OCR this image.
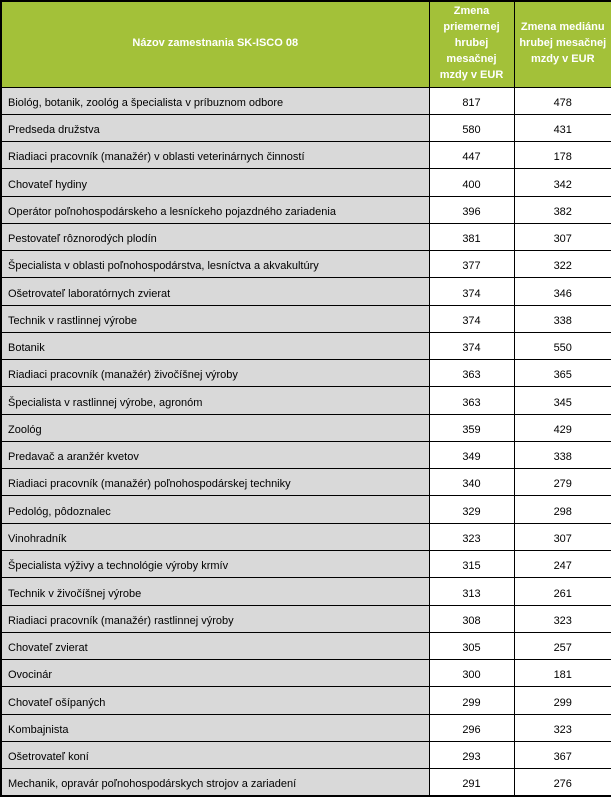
Názov zamestnania SK-ISCO 08	Zmena priemernej hrubej mesačnej mzdy v EUR	Zmena mediánu hrubej mesačnej mzdy v EUR
Biológ, botanik, zoológ a špecialista v príbuznom odbore	817	478
Predseda družstva	580	431
Riadiaci pracovník (manažér) v oblasti veterinárnych činností	447	178
Chovateľ hydiny	400	342
Operátor poľnohospodárskeho a lesníckeho pojazdného zariadenia	396	382
Pestovateľ rôznorodých plodín	381	307
Špecialista v oblasti poľnohospodárstva, lesníctva a akvakultúry	377	322
Ošetrovateľ laboratórnych zvierat	374	346
Technik v rastlinnej výrobe	374	338
Botanik	374	550
Riadiaci pracovník (manažér) živočíšnej výroby	363	365
Špecialista v rastlinnej výrobe, agronóm	363	345
Zoológ	359	429
Predavač a aranžér kvetov	349	338
Riadiaci pracovník (manažér) poľnohospodárskej techniky	340	279
Pedológ, pôdoznalec	329	298
Vinohradník	323	307
Špecialista výživy a technológie výroby krmív	315	247
Technik v živočíšnej výrobe	313	261
Riadiaci pracovník (manažér) rastlinnej výroby	308	323
Chovateľ zvierat	305	257
Ovocinár	300	181
Chovateľ ošípaných	299	299
Kombajnista	296	323
Ošetrovateľ koní	293	367
Mechanik, opravár poľnohospodárskych strojov a zariadení	291	276
